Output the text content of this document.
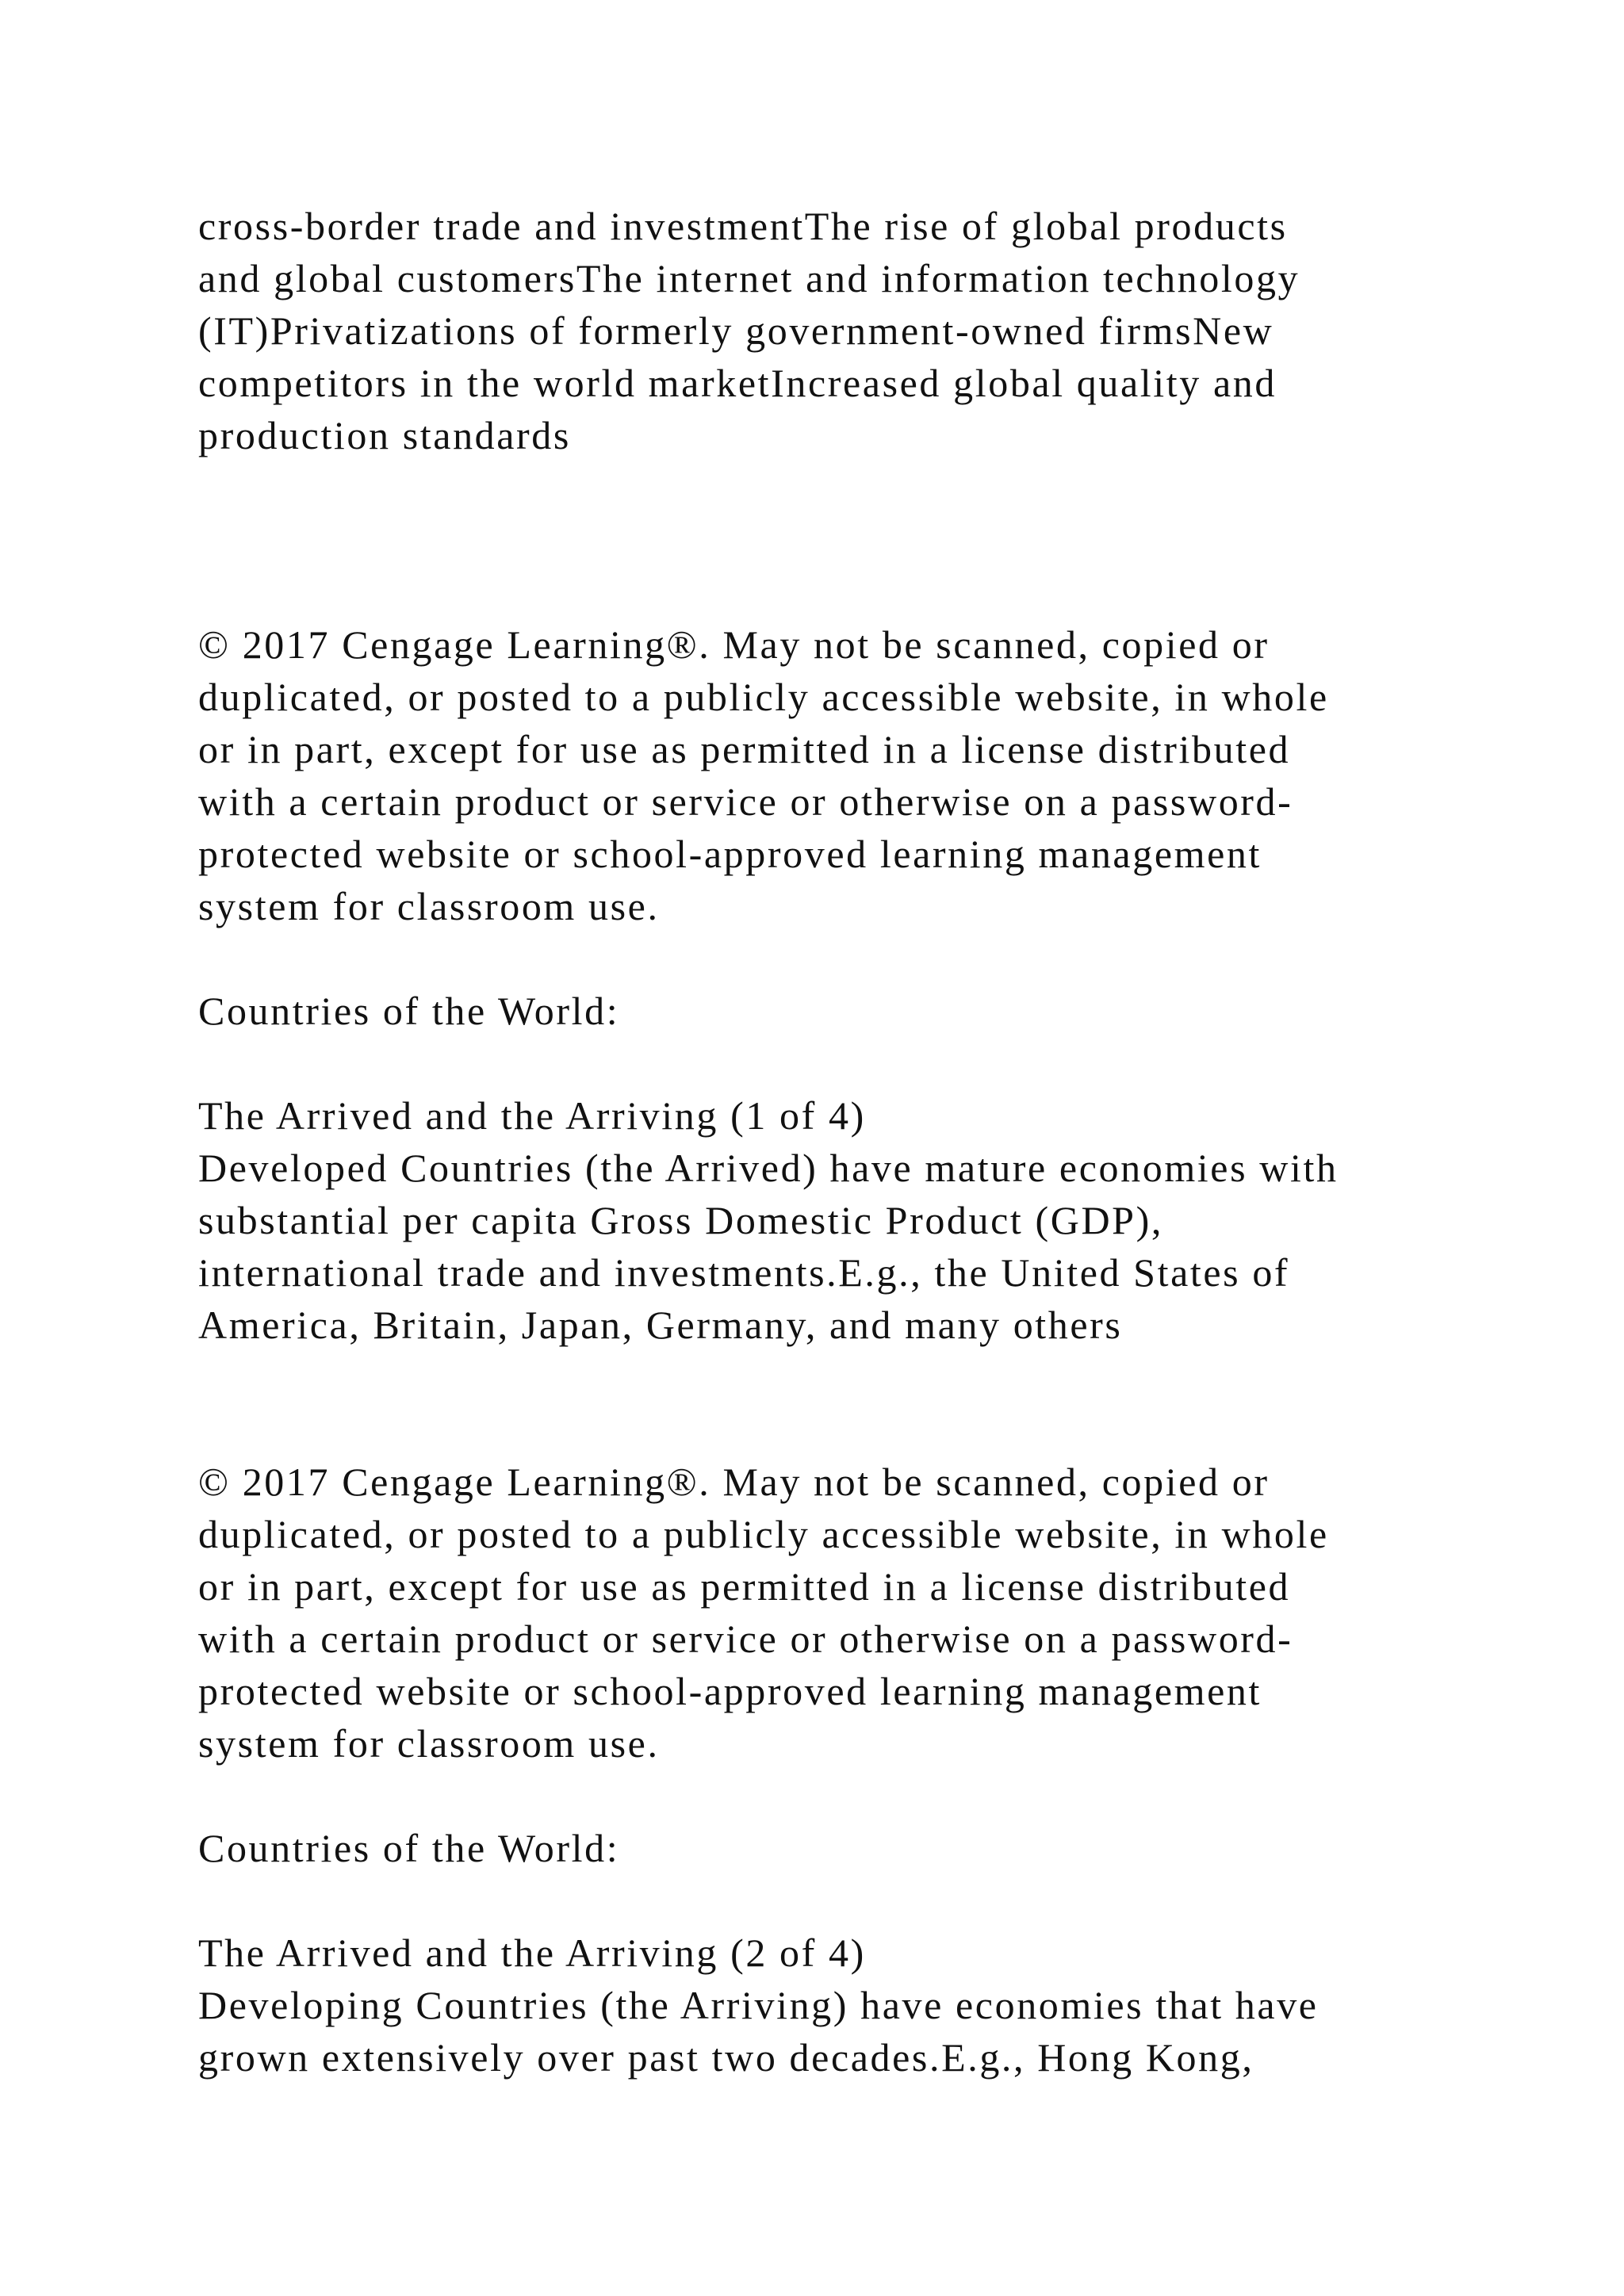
cross-border trade and investmentThe rise of global products

and global customersThe internet and information technology

(IT)Privatizations of formerly government-owned firmsNew

competitors in the world marketIncreased global quality and

production standards

© 2017 Cengage Learning®. May not be scanned, copied or

duplicated, or posted to a publicly accessible website, in whole

or in part, except for use as permitted in a license distributed

with a certain product or service or otherwise on a password-

protected website or school-approved learning management

system for classroom use.

Countries of the World:

The Arrived and the Arriving (1 of 4)

Developed Countries (the Arrived) have mature economies with

substantial per capita Gross Domestic Product (GDP),

international trade and investments.E.g., the United States of

America, Britain, Japan, Germany, and many others

© 2017 Cengage Learning®. May not be scanned, copied or

duplicated, or posted to a publicly accessible website, in whole

or in part, except for use as permitted in a license distributed

with a certain product or service or otherwise on a password-

protected website or school-approved learning management

system for classroom use.

Countries of the World:

The Arrived and the Arriving (2 of 4)

Developing Countries (the Arriving) have economies that have

grown extensively over past two decades.E.g., Hong Kong,
